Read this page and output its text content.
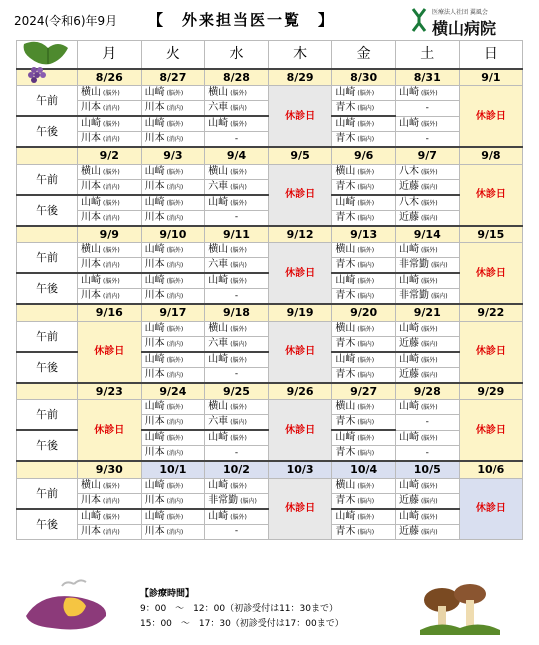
2024(令和6)年9月 【　外来担当医一覧　】	医療法人社団 翼風会
横山病院
	月	火	水	木	金	土	日
	8/26	8/27	8/28	8/29	8/30	8/31	9/1
午前	横山 (脳外)	山崎 (脳外)	横山 (脳外)	休診日	山崎 (脳外)	山崎 (脳外)	休診日
	川本 (消内)	川本 (消内)	六車 (脳内)		青木 (脳内)	-	
午後	山崎 (脳外)	山崎 (脳外)	山崎 (脳外)		山崎 (脳外)	山崎 (脳外)	
	川本 (消内)	川本 (消内)	-		青木 (脳内)	-	
	9/2	9/3	9/4	9/5	9/6	9/7	9/8
午前	横山 (脳外)	山崎 (脳外)	横山 (脳外)	休診日	横山 (脳外)	八木 (脳外)	休診日
	川本 (消内)	川本 (消内)	六車 (脳内)		青木 (脳内)	近藤 (脳内)	
午後	山崎 (脳外)	山崎 (脳外)	山崎 (脳外)		山崎 (脳外)	八木 (脳外)	
	川本 (消内)	川本 (消内)	-		青木 (脳内)	近藤 (脳内)	
	9/9	9/10	9/11	9/12	9/13	9/14	9/15
午前	横山 (脳外)	山崎 (脳外)	横山 (脳外)	休診日	横山 (脳外)	山崎 (脳外)	休診日
	川本 (消内)	川本 (消内)	六車 (脳内)		青木 (脳内)	非常勤 (脳内)	
午後	山崎 (脳外)	山崎 (脳外)	山崎 (脳外)		山崎 (脳外)	山崎 (脳外)	
	川本 (消内)	川本 (消内)	-		青木 (脳内)	非常勤 (脳内)	
	9/16	9/17	9/18	9/19	9/20	9/21	9/22
午前	休診日	山崎 (脳外)	横山 (脳外)	休診日	横山 (脳外)	山崎 (脳外)	休診日
		川本 (消内)	六車 (脳内)		青木 (脳内)	近藤 (脳内)	
午後		山崎 (脳外)	山崎 (脳外)		山崎 (脳外)	山崎 (脳外)	
		川本 (消内)	-		青木 (脳内)	近藤 (脳内)	
	9/23	9/24	9/25	9/26	9/27	9/28	9/29
午前	休診日	山崎 (脳外)	横山 (脳外)	休診日	横山 (脳外)	山崎 (脳外)	休診日
		川本 (消内)	六車 (脳内)		青木 (脳内)	-	
午後		山崎 (脳外)	山崎 (脳外)		山崎 (脳外)	山崎 (脳外)	
		川本 (消内)	-		青木 (脳内)	-	
	9/30	10/1	10/2	10/3	10/4	10/5	10/6
午前	横山 (脳外)	山崎 (脳外)	山崎 (脳外)	休診日	横山 (脳外)	山崎 (脳外)	休診日
	川本 (消内)	川本 (消内)	非常勤 (脳内)		青木 (脳内)	近藤 (脳内)	
午後	山崎 (脳外)	山崎 (脳外)	山崎 (脳外)		山崎 (脳外)	山崎 (脳外)	
	川本 (消内)	川本 (消内)	-		青木 (脳内)	近藤 (脳内)	
【診療時間】
9：00　～　12：00（初診受付は11：30まで）
15：00　～　17：30（初診受付は17：00まで）
